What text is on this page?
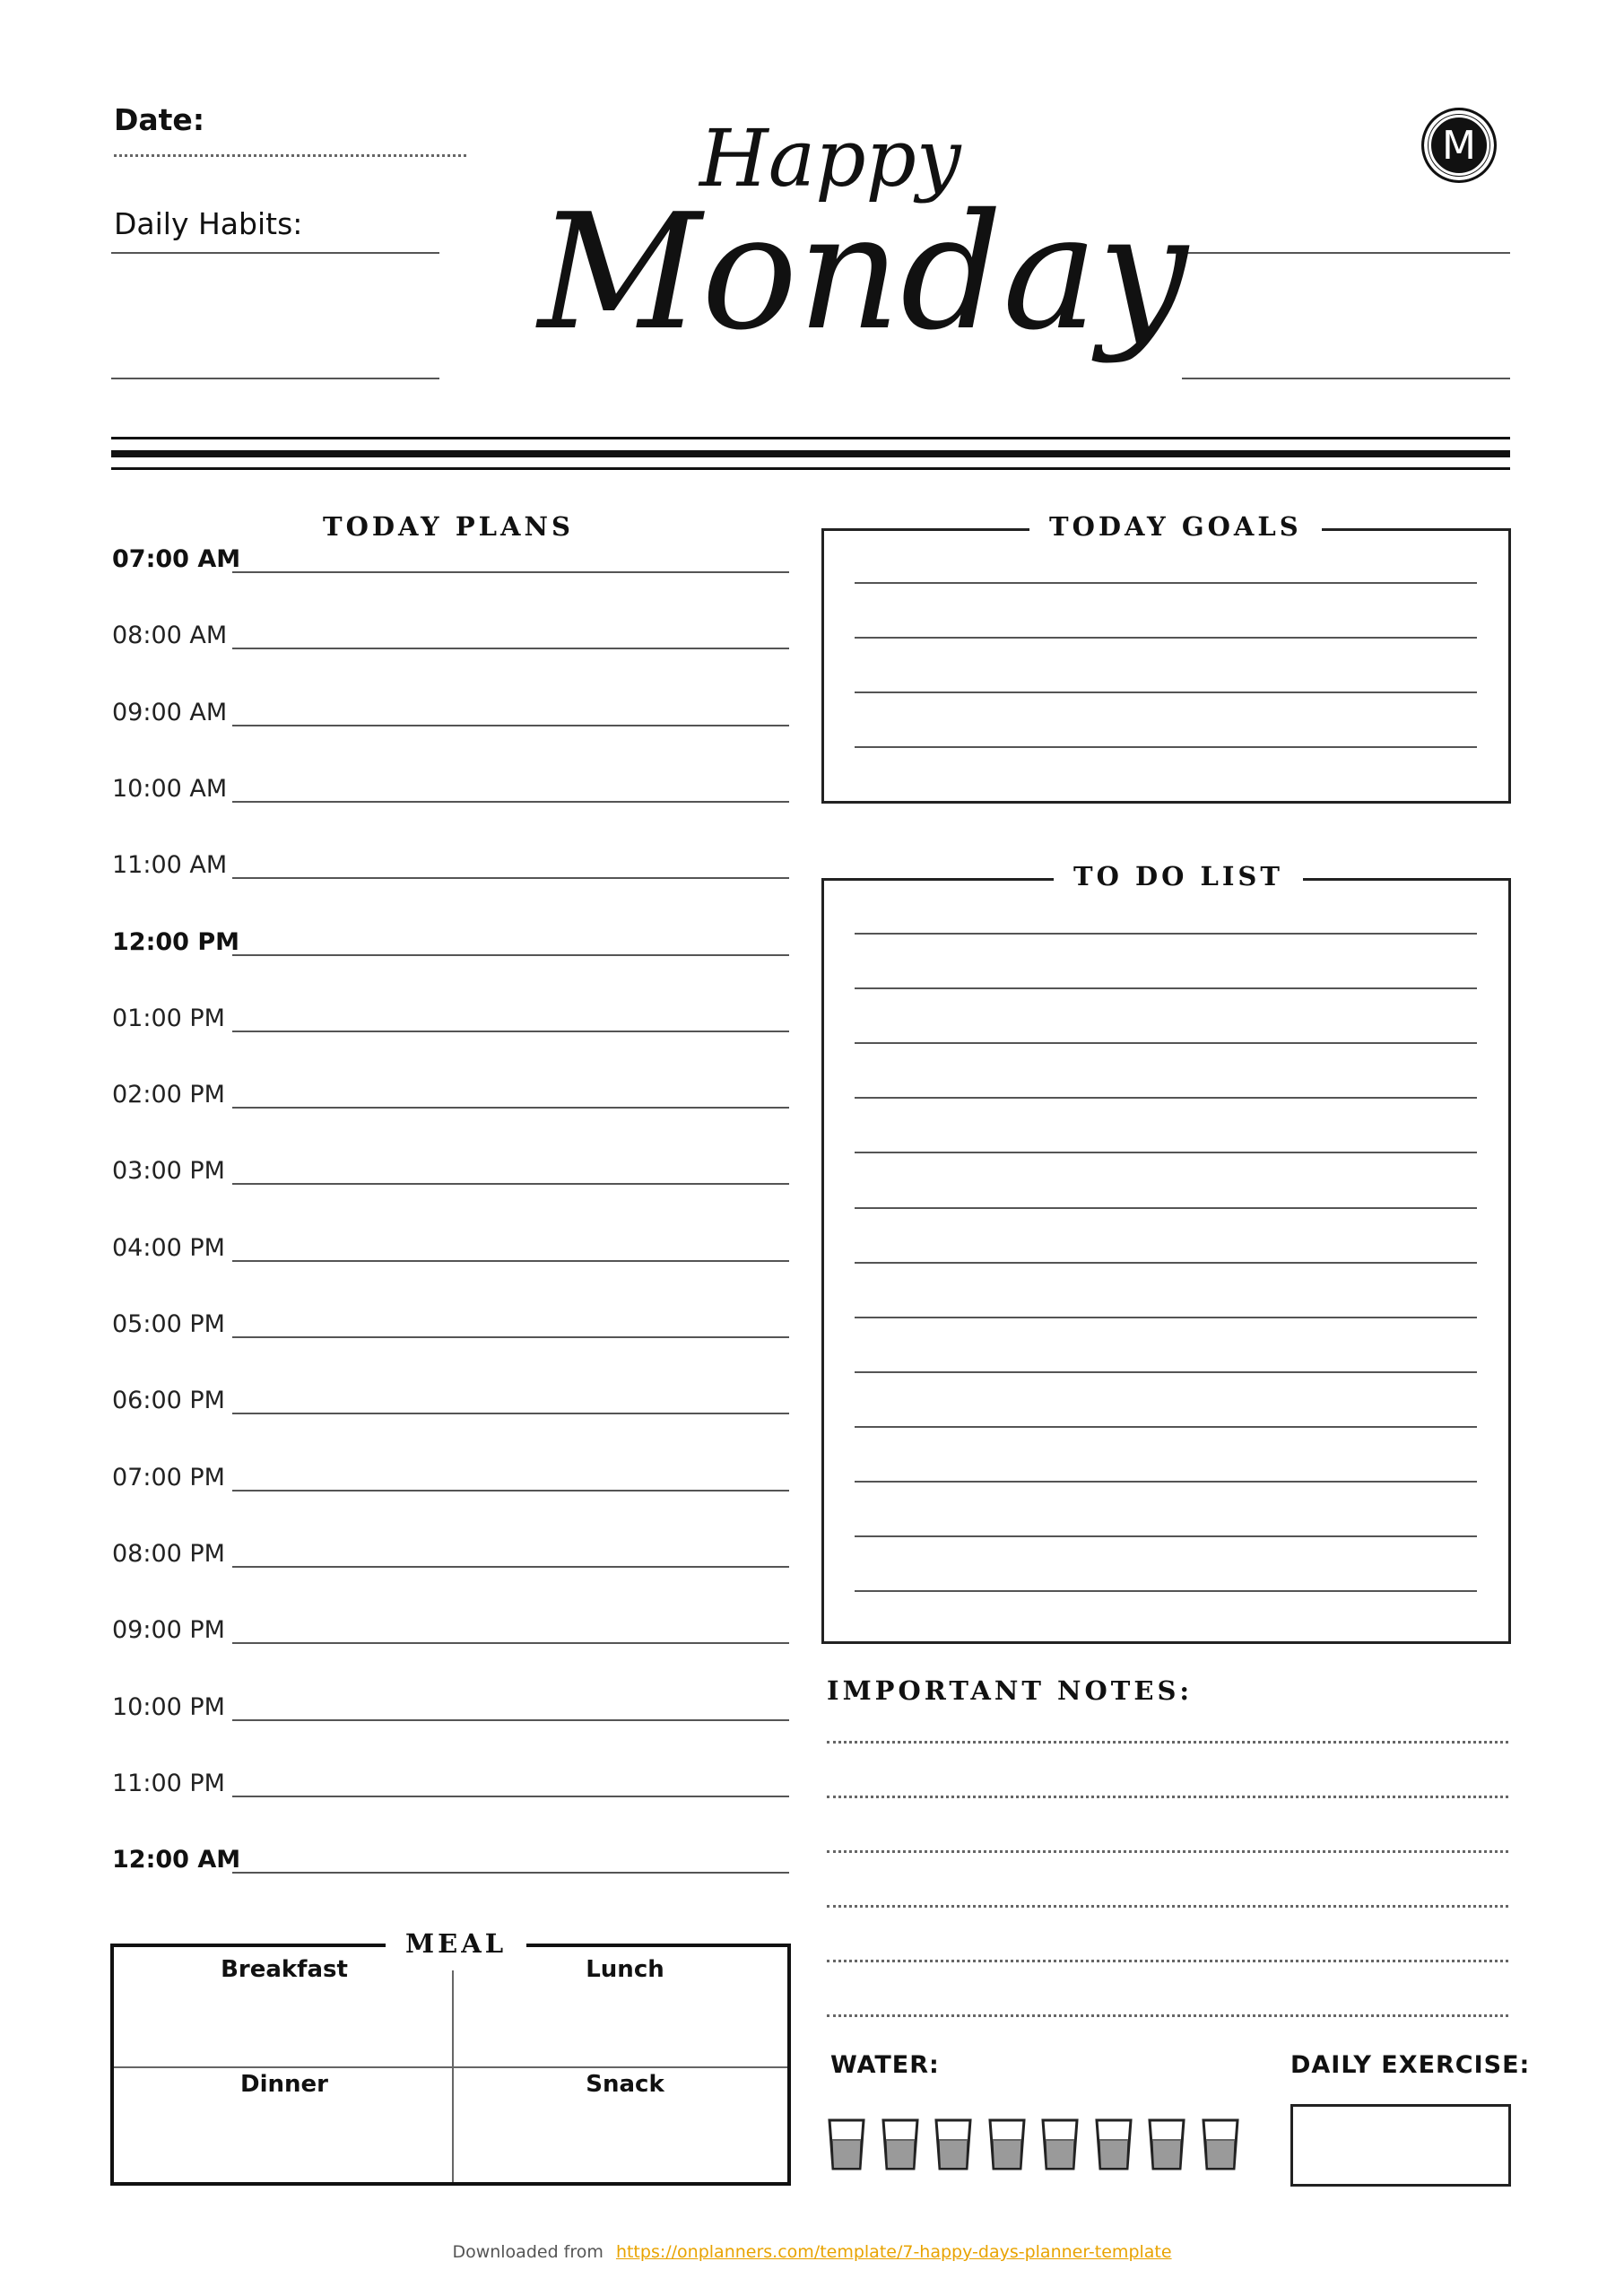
Date:
Daily Habits:
Happy
Monday
M
TODAY PLANS
07:00 AM
08:00 AM
09:00 AM
10:00 AM
11:00 AM
12:00 PM
01:00 PM
02:00 PM
03:00 PM
04:00 PM
05:00 PM
06:00 PM
07:00 PM
08:00 PM
09:00 PM
10:00 PM
11:00 PM
12:00 AM
TODAY GOALS
TO DO LIST
IMPORTANT NOTES:
Breakfast	Lunch
Dinner	Snack
MEAL
WATER:	DAILY EXERCISE:
Downloaded from https://onplanners.com/template/7-happy-days-planner-template
